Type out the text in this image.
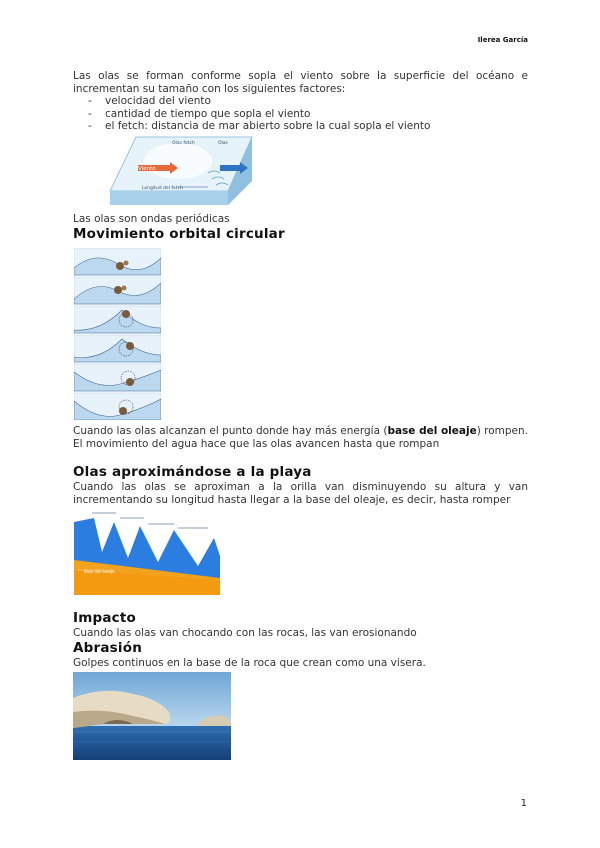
Ilerea García
Las olas se forman conforme sopla el viento sobre la superficie del océano e incrementan su tamaño con los siguientes factores:
- velocidad del viento
- cantidad de tiempo que sopla el viento
- el fetch: distancia de mar abierto sobre la cual sopla el viento
Viento
Olas fetch	Olas
Longitud del fetch
Las olas son ondas periódicas
Movimiento orbital circular
Cuando las olas alcanzan el punto donde hay más energía (base del oleaje) rompen.
El movimiento del agua hace que las olas avancen hasta que rompan
Olas aproximándose a la playa
Cuando las olas se aproximan a la orilla van disminuyendo su altura y van incrementando su longitud hasta llegar a la base del oleaje, es decir, hasta romper
Base del oleaje
Impacto
Cuando las olas van chocando con las rocas, las van erosionando
Abrasión
Golpes continuos en la base de la roca que crean como una visera.
1
